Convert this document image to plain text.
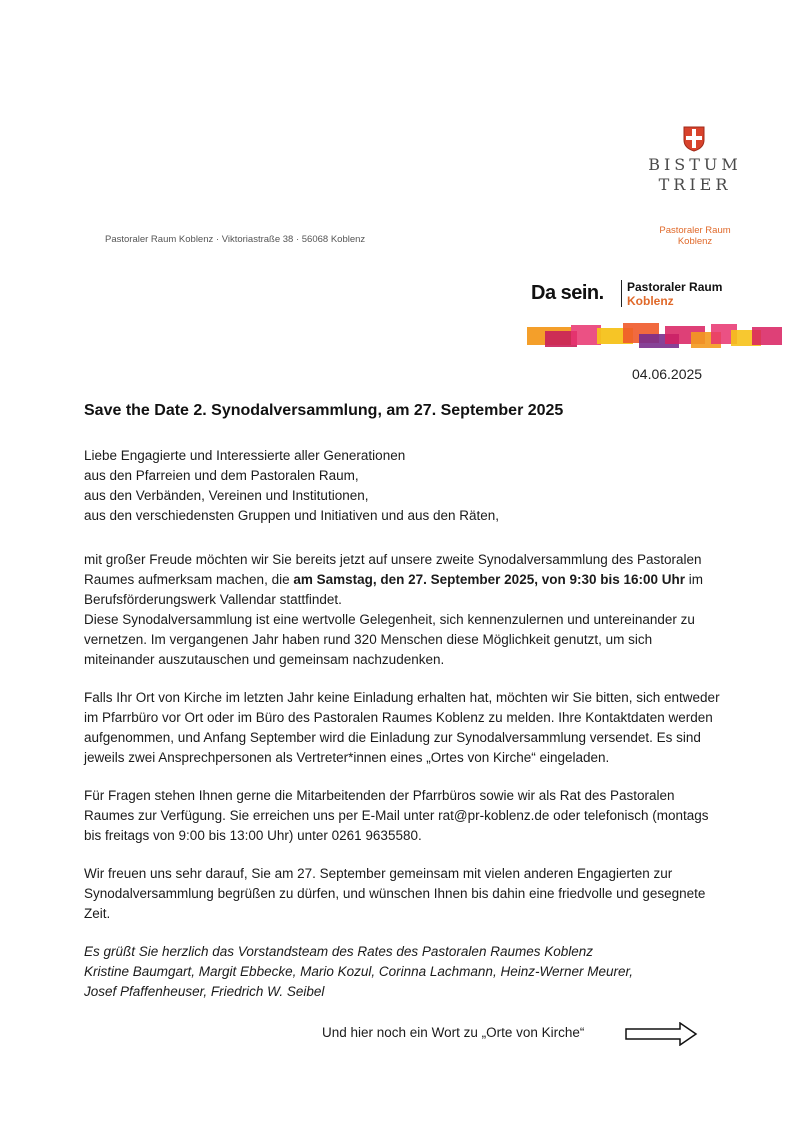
BISTUM
TRIER
Pastoraler Raum
Koblenz
Pastoraler Raum Koblenz · Viktoriastraße 38 · 56068 Koblenz
Da sein. Pastoraler Raum
Koblenz
04.06.2025
Save the Date 2. Synodalversammlung, am 27. September 2025

Liebe Engagierte und Interessierte aller Generationen

aus den Pfarreien und dem Pastoralen Raum,

aus den Verbänden, Vereinen und Institutionen,

aus den verschiedensten Gruppen und Initiativen und aus den Räten,

mit großer Freude möchten wir Sie bereits jetzt auf unsere zweite Synodalversammlung des Pastoralen Raumes aufmerksam machen, die am Samstag, den 27. September 2025, von 9:30 bis 16:00 Uhr im Berufsförderungswerk Vallendar stattfindet.

Diese Synodalversammlung ist eine wertvolle Gelegenheit, sich kennenzulernen und untereinander zu vernetzen. Im vergangenen Jahr haben rund 320 Menschen diese Möglichkeit genutzt, um sich miteinander auszutauschen und gemeinsam nachzudenken.

Falls Ihr Ort von Kirche im letzten Jahr keine Einladung erhalten hat, möchten wir Sie bitten, sich entweder im Pfarrbüro vor Ort oder im Büro des Pastoralen Raumes Koblenz zu melden. Ihre Kontaktdaten werden aufgenommen, und Anfang September wird die Einladung zur Synodalversammlung versendet. Es sind jeweils zwei Ansprechpersonen als Vertreter*innen eines „Ortes von Kirche“ eingeladen.

Für Fragen stehen Ihnen gerne die Mitarbeitenden der Pfarrbüros sowie wir als Rat des Pastoralen Raumes zur Verfügung. Sie erreichen uns per E-Mail unter rat@pr-koblenz.de oder telefonisch (montags bis freitags von 9:00 bis 13:00 Uhr) unter 0261 9635580.

Wir freuen uns sehr darauf, Sie am 27. September gemeinsam mit vielen anderen Engagierten zur Synodalversammlung begrüßen zu dürfen, und wünschen Ihnen bis dahin eine friedvolle und gesegnete Zeit.

Es grüßt Sie herzlich das Vorstandsteam des Rates des Pastoralen Raumes Koblenz

Kristine Baumgart, Margit Ebbecke, Mario Kozul, Corinna Lachmann, Heinz-Werner Meurer,

Josef Pfaffenheuser, Friedrich W. Seibel

Und hier noch ein Wort zu „Orte von Kirche“
